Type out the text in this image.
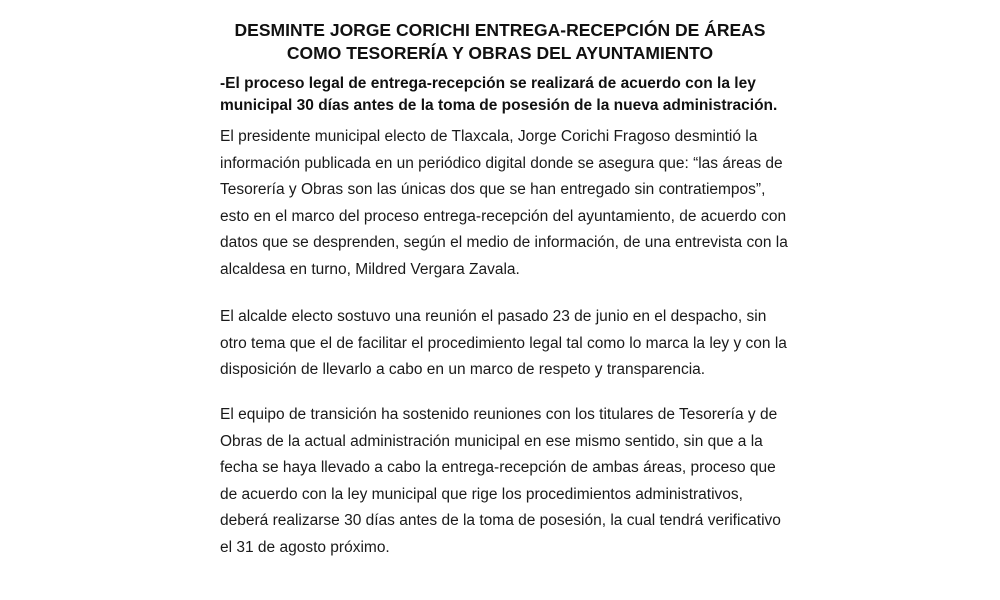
DESMINTE JORGE CORICHI ENTREGA-RECEPCIÓN DE ÁREAS
COMO TESORERÍA Y OBRAS DEL AYUNTAMIENTO

-El proceso legal de entrega-recepción se realizará de acuerdo con la ley
municipal 30 días antes de la toma de posesión de la nueva administración.

El presidente municipal electo de Tlaxcala, Jorge Corichi Fragoso desmintió la
información publicada en un periódico digital donde se asegura que: “las áreas de
Tesorería y Obras son las únicas dos que se han entregado sin contratiempos”,
esto en el marco del proceso entrega-recepción del ayuntamiento, de acuerdo con
datos que se desprenden, según el medio de información, de una entrevista con la
alcaldesa en turno, Mildred Vergara Zavala.

El alcalde electo sostuvo una reunión el pasado 23 de junio en el despacho, sin
otro tema que el de facilitar el procedimiento legal tal como lo marca la ley y con la
disposición de llevarlo a cabo en un marco de respeto y transparencia.

El equipo de transición ha sostenido reuniones con los titulares de Tesorería y de
Obras de la actual administración municipal en ese mismo sentido, sin que a la
fecha se haya llevado a cabo la entrega-recepción de ambas áreas, proceso que
de acuerdo con la ley municipal que rige los procedimientos administrativos,
deberá realizarse 30 días antes de la toma de posesión, la cual tendrá verificativo
el 31 de agosto próximo.
